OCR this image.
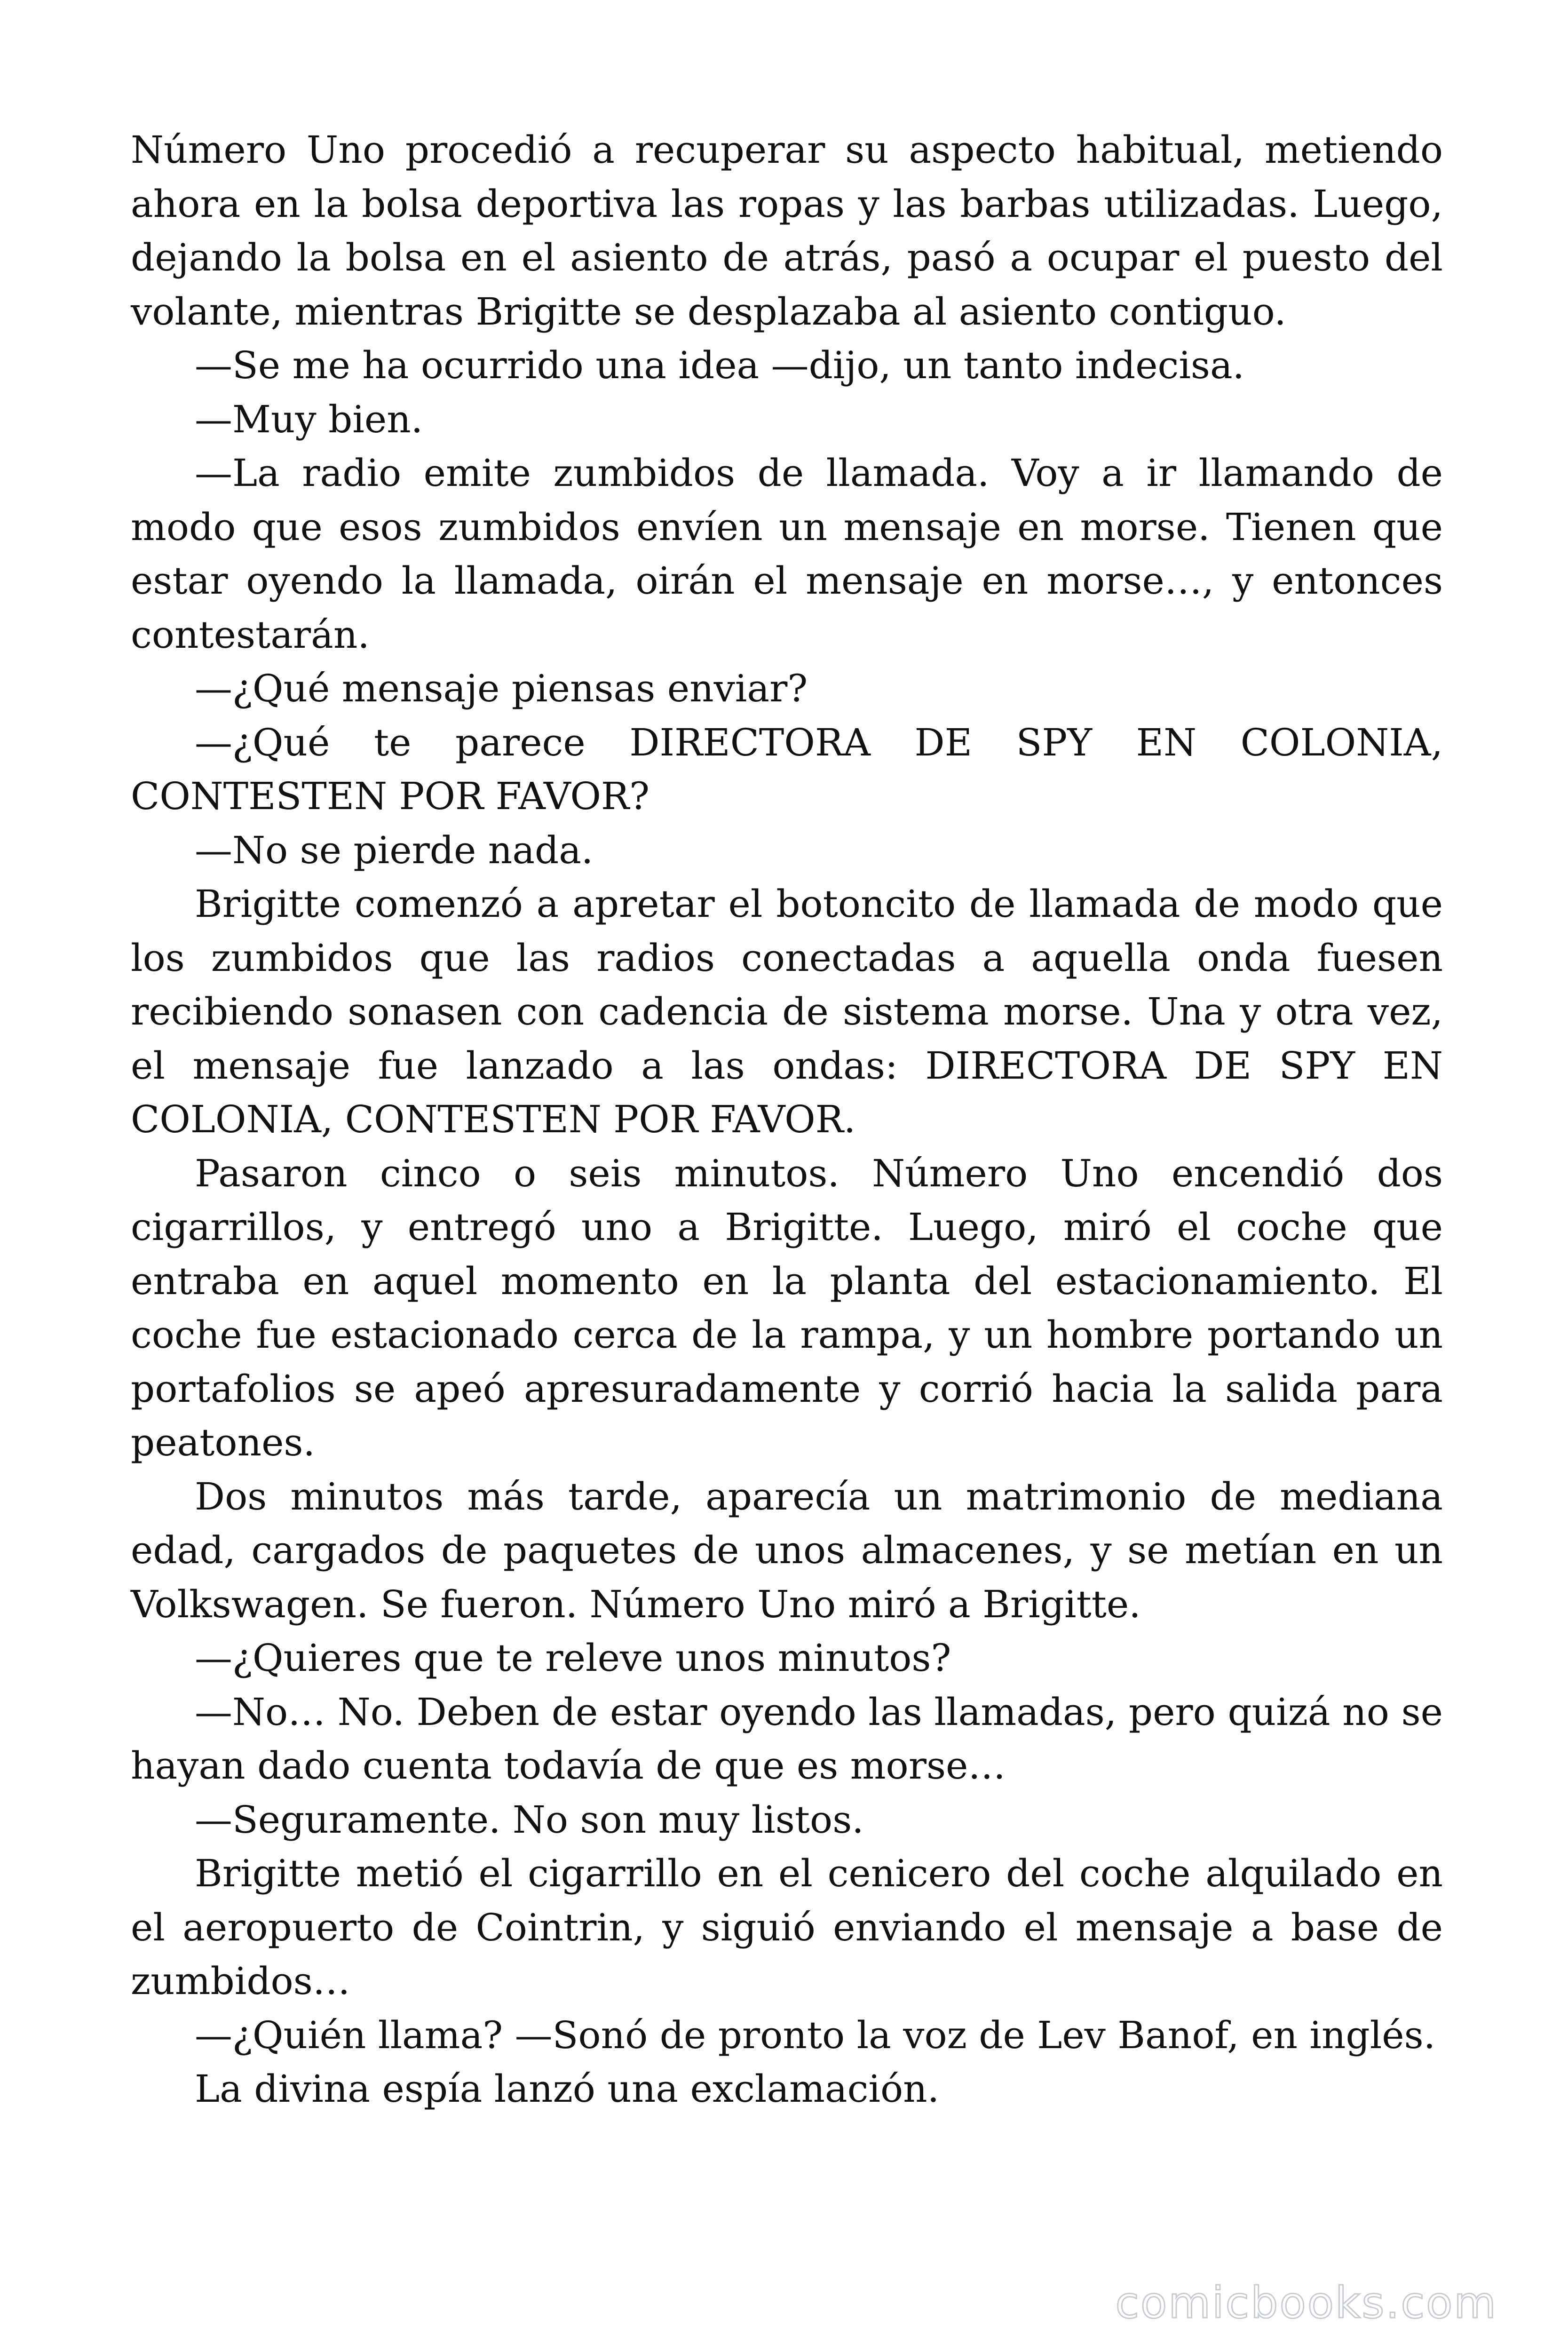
Número Uno procedió a recuperar su aspecto habitual, metiendo ahora en la bolsa deportiva las ropas y las barbas utilizadas. Luego, dejando la bolsa en el asiento de atrás, pasó a ocupar el puesto del volante, mientras Brigitte se desplazaba al asiento contiguo.

—Se me ha ocurrido una idea —dijo, un tanto indecisa.

—Muy bien.

—La radio emite zumbidos de llamada. Voy a ir llamando de modo que esos zumbidos envíen un mensaje en morse. Tienen que estar oyendo la llamada, oirán el mensaje en morse…, y entonces contestarán.

—¿Qué mensaje piensas enviar?

—¿Qué te parece DIRECTORA DE SPY EN COLONIA, CONTESTEN POR FAVOR?

—No se pierde nada.

Brigitte comenzó a apretar el botoncito de llamada de modo que los zumbidos que las radios conectadas a aquella onda fuesen recibiendo sonasen con cadencia de sistema morse. Una y otra vez, el mensaje fue lanzado a las ondas: DIRECTORA DE SPY EN COLONIA, CONTESTEN POR FAVOR.

Pasaron cinco o seis minutos. Número Uno encendió dos cigarrillos, y entregó uno a Brigitte. Luego, miró el coche que entraba en aquel momento en la planta del estacionamiento. El coche fue estacionado cerca de la rampa, y un hombre portando un portafolios se apeó apresuradamente y corrió hacia la salida para peatones.

Dos minutos más tarde, aparecía un matrimonio de mediana edad, cargados de paquetes de unos almacenes, y se metían en un Volkswagen. Se fueron. Número Uno miró a Brigitte.

—¿Quieres que te releve unos minutos?

—No… No. Deben de estar oyendo las llamadas, pero quizá no se hayan dado cuenta todavía de que es morse…

—Seguramente. No son muy listos.

Brigitte metió el cigarrillo en el cenicero del coche alquilado en el aeropuerto de Cointrin, y siguió enviando el mensaje a base de zumbidos…

—¿Quién llama? —Sonó de pronto la voz de Lev Banof, en inglés.

La divina espía lanzó una exclamación.

comicbooks.com
